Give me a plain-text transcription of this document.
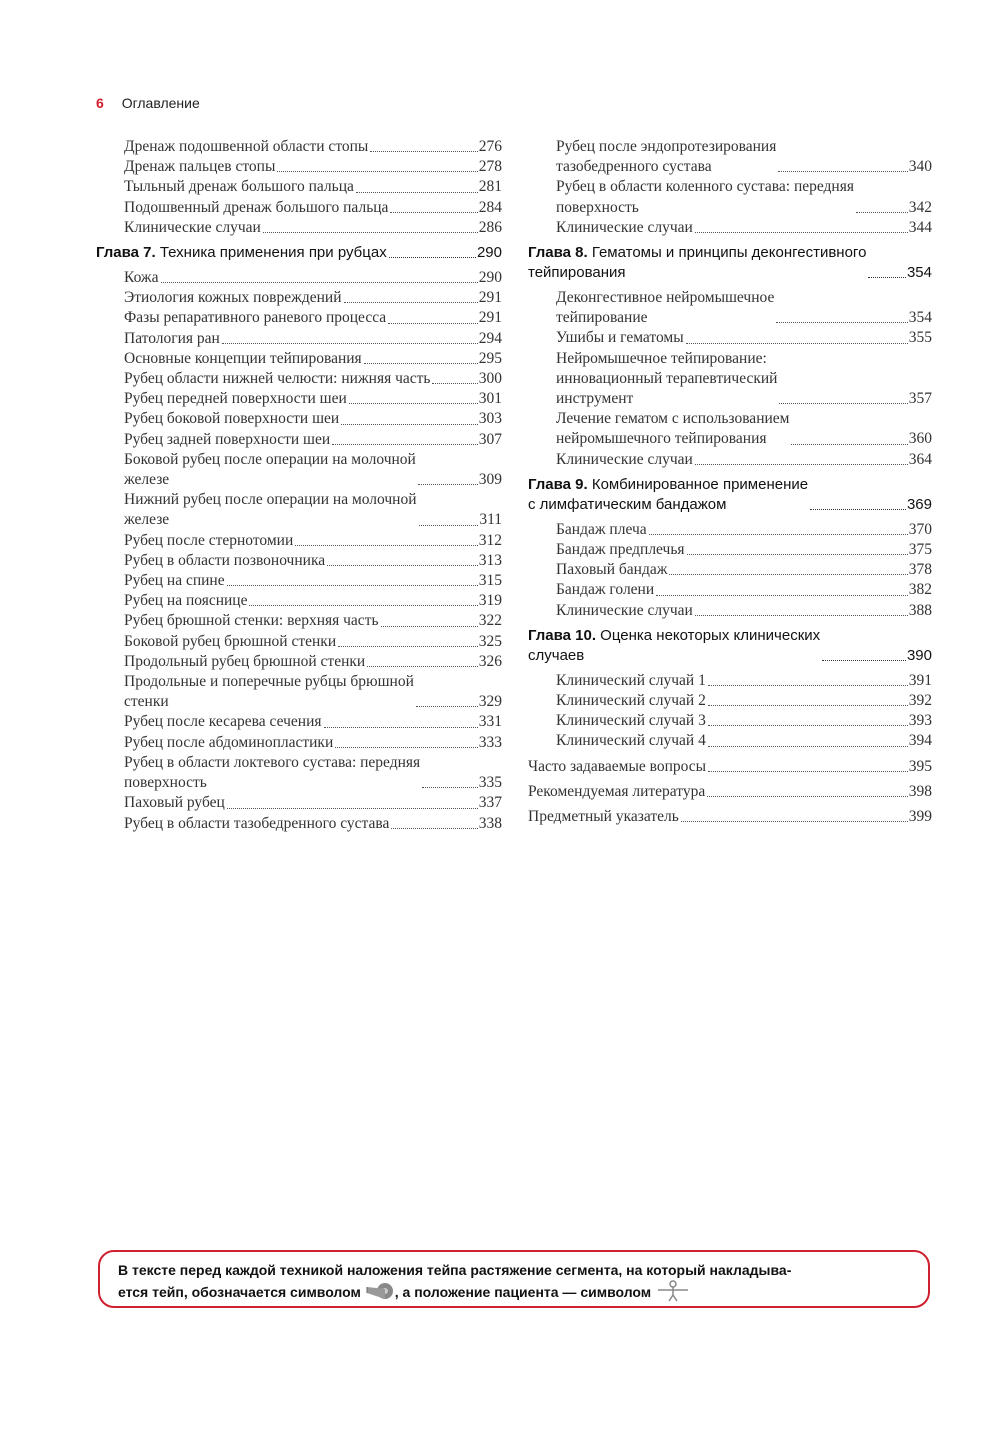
6 Оглавление
Дренаж подошвенной области стопы	276
Дренаж пальцев стопы	278
Тыльный дренаж большого пальца	281
Подошвенный дренаж большого пальца	284
Клинические случаи	286
Глава 7. Техника применения при рубцах	290
Кожа	290
Этиология кожных повреждений	291
Фазы репаративного раневого процесса	291
Патология ран	294
Основные концепции тейпирования	295
Рубец области нижней челюсти: нижняя часть	300
Рубец передней поверхности шеи	301
Рубец боковой поверхности шеи	303
Рубец задней поверхности шеи	307
Боковой рубец после операции на молочной
железе	309
Нижний рубец после операции на молочной
железе	311
Рубец после стернотомии	312
Рубец в области позвоночника	313
Рубец на спине	315
Рубец на пояснице	319
Рубец брюшной стенки: верхняя часть	322
Боковой рубец брюшной стенки	325
Продольный рубец брюшной стенки	326
Продольные и поперечные рубцы брюшной
стенки	329
Рубец после кесарева сечения	331
Рубец после абдоминопластики	333
Рубец в области локтевого сустава: передняя
поверхность	335
Паховый рубец	337
Рубец в области тазобедренного сустава	338
Рубец после эндопротезирования
тазобедренного сустава	340
Рубец в области коленного сустава: передняя
поверхность	342
Клинические случаи	344
Глава 8. Гематомы и принципы деконгестивного
тейпирования	354
Деконгестивное нейромышечное
тейпирование	354
Ушибы и гематомы	355
Нейромышечное тейпирование:
инновационный терапевтический
инструмент	357
Лечение гематом с использованием
нейромышечного тейпирования	360
Клинические случаи	364
Глава 9. Комбинированное применение
с лимфатическим бандажом	369
Бандаж плеча	370
Бандаж предплечья	375
Паховый бандаж	378
Бандаж голени	382
Клинические случаи	388
Глава 10. Оценка некоторых клинических
случаев	390
Клинический случай 1	391
Клинический случай 2	392
Клинический случай 3	393
Клинический случай 4	394
Часто задаваемые вопросы	395
Рекомендуемая литература	398
Предметный указатель	399
В тексте перед каждой техникой наложения тейпа растяжение сегмента, на который накладыва-
ется тейп, обозначается символом , а положение пациента — символом
